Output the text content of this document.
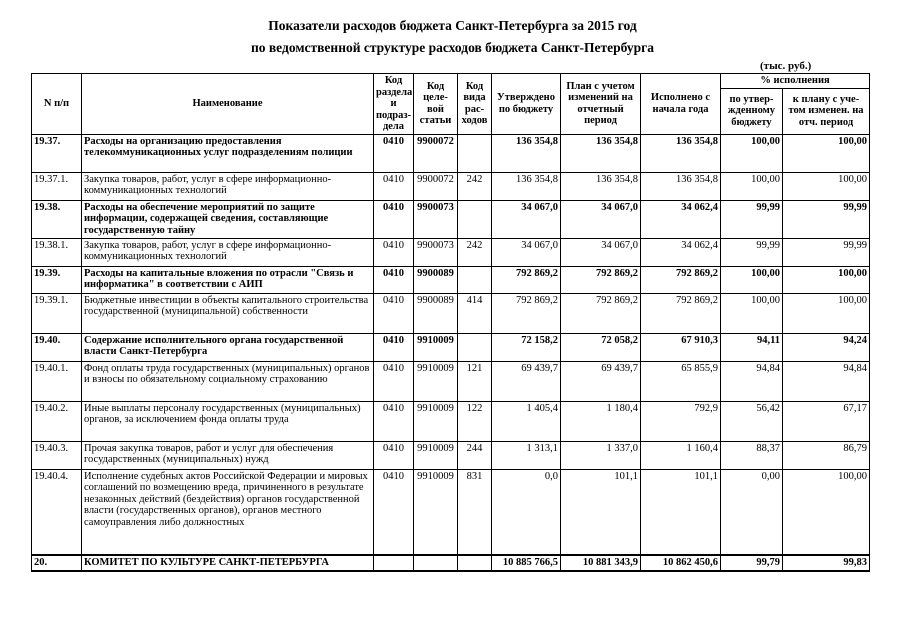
Показатели расходов бюджета Санкт-Петербурга за 2015 год
по ведомственной структуре расходов бюджета Санкт-Петербурга
(тыс. руб.)
N п/п	Наименование	Код раздела и подраз-дела	Код целе-вой статьи	Код вида рас-ходов	Утверждено по бюджету	План с учетом изменений на отчетный период	Исполнено с начала года	% исполнения	
								по утвер-жденному бюджету	к плану с уче-том изменен. на отч. период
19.37.	Расходы на организацию предоставления телекоммуникационных услуг подразделениям полиции	0410	9900072		136 354,8	136 354,8	136 354,8	100,00	100,00
19.37.1.	Закупка товаров, работ, услуг в сфере информационно-коммуникационных технологий	0410	9900072	242	136 354,8	136 354,8	136 354,8	100,00	100,00
19.38.	Расходы на обеспечение мероприятий по защите информации, содержащей сведения, составляющие государственную тайну	0410	9900073		34 067,0	34 067,0	34 062,4	99,99	99,99
19.38.1.	Закупка товаров, работ, услуг в сфере информационно-коммуникационных технологий	0410	9900073	242	34 067,0	34 067,0	34 062,4	99,99	99,99
19.39.	Расходы на капитальные вложения по отрасли "Связь и информатика" в соответствии с АИП	0410	9900089		792 869,2	792 869,2	792 869,2	100,00	100,00
19.39.1.	Бюджетные инвестиции в объекты капитального строительства государственной (муниципальной) собственности	0410	9900089	414	792 869,2	792 869,2	792 869,2	100,00	100,00
19.40.	Содержание исполнительного органа государственной власти Санкт-Петербурга	0410	9910009		72 158,2	72 058,2	67 910,3	94,11	94,24
19.40.1.	Фонд оплаты труда государственных (муниципальных) органов и взносы по обязательному социальному страхованию	0410	9910009	121	69 439,7	69 439,7	65 855,9	94,84	94,84
19.40.2.	Иные выплаты персоналу государственных (муниципальных) органов, за исключением фонда оплаты труда	0410	9910009	122	1 405,4	1 180,4	792,9	56,42	67,17
19.40.3.	Прочая закупка товаров, работ и услуг для обеспечения государственных (муниципальных) нужд	0410	9910009	244	1 313,1	1 337,0	1 160,4	88,37	86,79
19.40.4.	Исполнение судебных актов Российской Федерации и мировых соглашений по возмещению вреда, причиненного в результате незаконных действий (бездействия) органов государственной власти (государственных органов), органов местного самоуправления либо должностных	0410	9910009	831	0,0	101,1	101,1	0,00	100,00
20.	КОМИТЕТ ПО КУЛЬТУРЕ САНКТ-ПЕТЕРБУРГА				10 885 766,5	10 881 343,9	10 862 450,6	99,79	99,83
